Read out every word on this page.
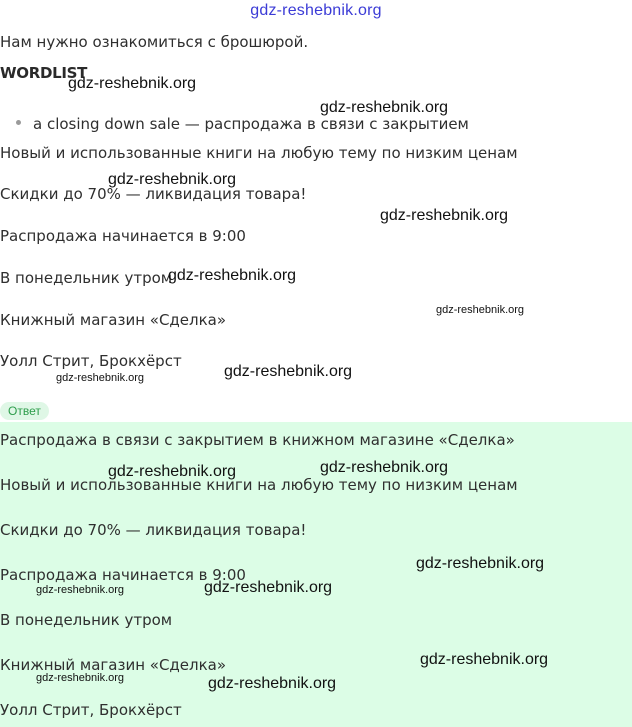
gdz-reshebnik.org
Нам нужно ознакомиться с брошюрой.
WORDLIST
a closing down sale — распродажа в связи с закрытием
Новый и использованные книги на любую тему по низким ценам
Скидки до 70% — ликвидация товара!
Распродажа начинается в 9:00
В понедельник утром
Книжный магазин «Сделка»
Уолл Стрит, Брокхёрст
Ответ
Распродажа в связи с закрытием в книжном магазине «Сделка»
Новый и использованные книги на любую тему по низким ценам
Скидки до 70% — ликвидация товара!
Распродажа начинается в 9:00
В понедельник утром
Книжный магазин «Сделка»
Уолл Стрит, Брокхёрст
gdz-reshebnik.org
gdz-reshebnik.org
gdz-reshebnik.org
gdz-reshebnik.org
gdz-reshebnik.org
gdz-reshebnik.org
gdz-reshebnik.org	gdz-reshebnik.org
gdz-reshebnik.org	gdz-reshebnik.org
gdz-reshebnik.org
gdz-reshebnik.org	gdz-reshebnik.org
gdz-reshebnik.org
gdz-reshebnik.org	gdz-reshebnik.org
